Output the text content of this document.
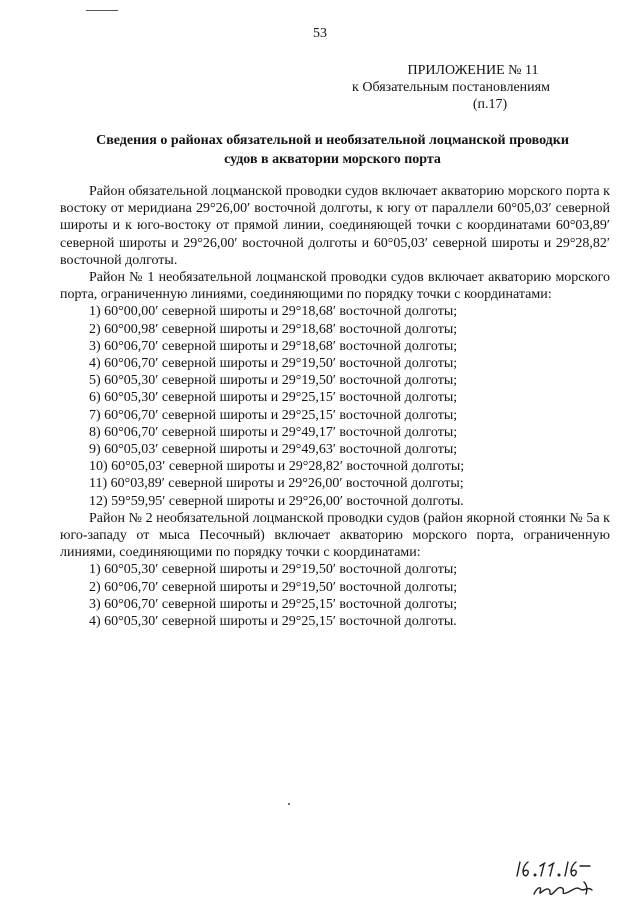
53
ПРИЛОЖЕНИЕ № 11
к Обязательным постановлениям
(п.17)
Сведения о районах обязательной и необязательной лоцманской проводки
судов в акватории морского порта

Район обязательной лоцманской проводки судов включает акваторию морского порта к востоку от меридиана 29°26,00′ восточной долготы, к югу от параллели 60°05,03′ северной широты и к юго-востоку от прямой линии, соединяющей точки с координатами 60°03,89′ северной широты и 29°26,00′ восточной долготы и 60°05,03′ северной широты и 29°28,82′ восточной долготы.

Район № 1 необязательной лоцманской проводки судов включает акваторию морского порта, ограниченную линиями, соединяющими по порядку точки с координатами:

1) 60°00,00′ северной широты и 29°18,68′ восточной долготы;

2) 60°00,98′ северной широты и 29°18,68′ восточной долготы;

3) 60°06,70′ северной широты и 29°18,68′ восточной долготы;

4) 60°06,70′ северной широты и 29°19,50′ восточной долготы;

5) 60°05,30′ северной широты и 29°19,50′ восточной долготы;

6) 60°05,30′ северной широты и 29°25,15′ восточной долготы;

7) 60°06,70′ северной широты и 29°25,15′ восточной долготы;

8) 60°06,70′ северной широты и 29°49,17′ восточной долготы;

9) 60°05,03′ северной широты и 29°49,63′ восточной долготы;

10) 60°05,03′ северной широты и 29°28,82′ восточной долготы;

11) 60°03,89′ северной широты и 29°26,00′ восточной долготы;

12) 59°59,95′ северной широты и 29°26,00′ восточной долготы.

Район № 2 необязательной лоцманской проводки судов (район якорной стоянки № 5а к юго-западу от мыса Песочный) включает акваторию морского порта, ограниченную линиями, соединяющими по порядку точки с координатами:

1) 60°05,30′ северной широты и 29°19,50′ восточной долготы;

2) 60°06,70′ северной широты и 29°19,50′ восточной долготы;

3) 60°06,70′ северной широты и 29°25,15′ восточной долготы;

4) 60°05,30′ северной широты и 29°25,15′ восточной долготы.
